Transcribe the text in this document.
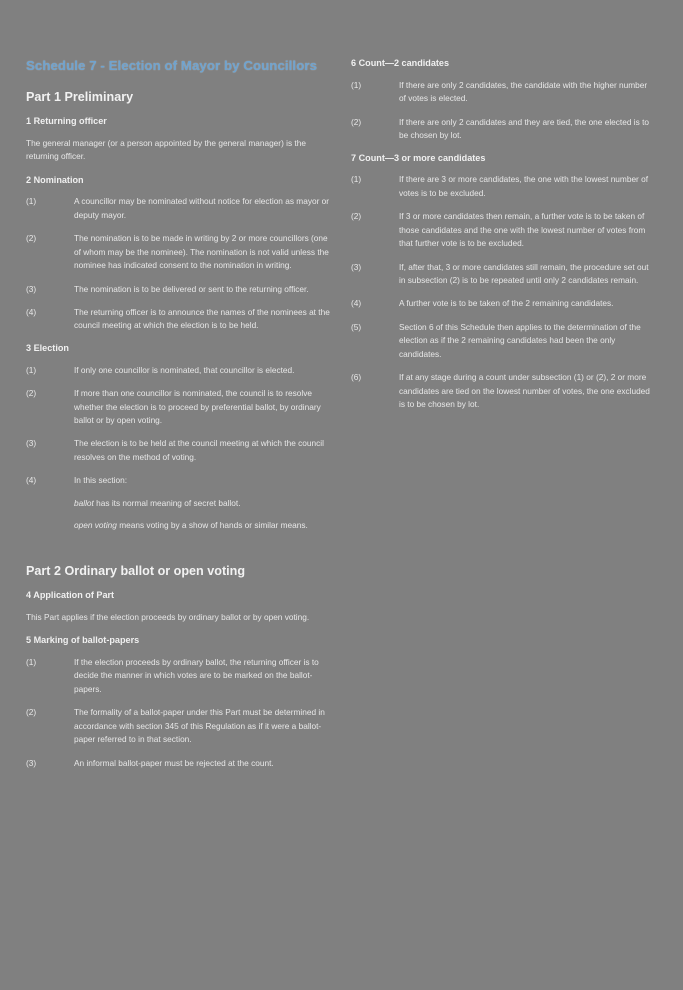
Schedule 7 - Election of Mayor by Councillors
Part 1 Preliminary
1 Returning officer

The general manager (or a person appointed by the general manager) is the returning officer.

2 Nomination
(1)	A councillor may be nominated without notice for election as mayor or deputy mayor.
(2)	The nomination is to be made in writing by 2 or more councillors (one of whom may be the nominee). The nomination is not valid unless the nominee has indicated consent to the nomination in writing.
(3)	The nomination is to be delivered or sent to the returning officer.
(4)	The returning officer is to announce the names of the nominees at the council meeting at which the election is to be held.
3 Election
(1)	If only one councillor is nominated, that councillor is elected.
(2)	If more than one councillor is nominated, the council is to resolve whether the election is to proceed by preferential ballot, by ordinary ballot or by open voting.
(3)	The election is to be held at the council meeting at which the council resolves on the method of voting.
(4)	In this section:
ballot has its normal meaning of secret ballot.
open voting means voting by a show of hands or similar means.
Part 2 Ordinary ballot or open voting
4 Application of Part

This Part applies if the election proceeds by ordinary ballot or by open voting.

5 Marking of ballot-papers
(1)	If the election proceeds by ordinary ballot, the returning officer is to decide the manner in which votes are to be marked on the ballot-papers.
(2)	The formality of a ballot-paper under this Part must be determined in accordance with section 345 of this Regulation as if it were a ballot-paper referred to in that section.
(3)	An informal ballot-paper must be rejected at the count.
6 Count—2 candidates
(1)	If there are only 2 candidates, the candidate with the higher number of votes is elected.
(2)	If there are only 2 candidates and they are tied, the one elected is to be chosen by lot.
7 Count—3 or more candidates
(1)	If there are 3 or more candidates, the one with the lowest number of votes is to be excluded.
(2)	If 3 or more candidates then remain, a further vote is to be taken of those candidates and the one with the lowest number of votes from that further vote is to be excluded.
(3)	If, after that, 3 or more candidates still remain, the procedure set out in subsection (2) is to be repeated until only 2 candidates remain.
(4)	A further vote is to be taken of the 2 remaining candidates.
(5)	Section 6 of this Schedule then applies to the determination of the election as if the 2 remaining candidates had been the only candidates.
(6)	If at any stage during a count under subsection (1) or (2), 2 or more candidates are tied on the lowest number of votes, the one excluded is to be chosen by lot.
